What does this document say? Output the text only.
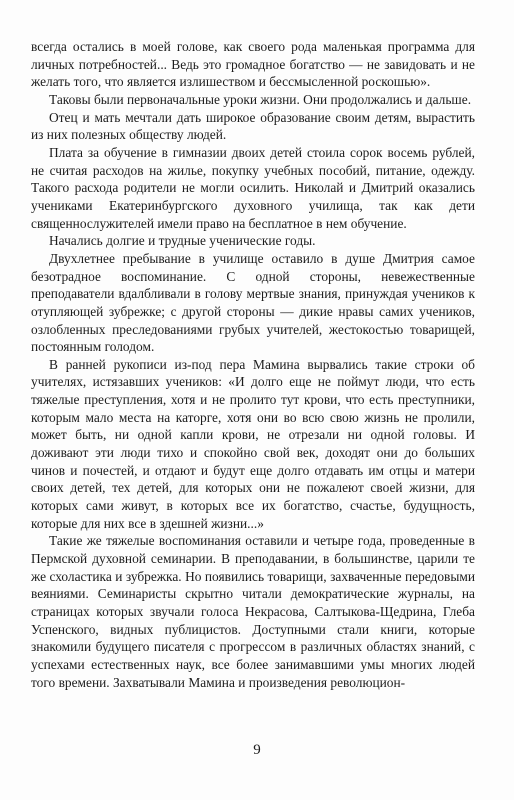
всегда остались в моей голове, как своего рода маленькая программа для личных потребностей... Ведь это громадное богатство — не завидовать и не желать того, что является излишеством и бессмысленной роскошью».

Таковы были первоначальные уроки жизни. Они продолжались и дальше.

Отец и мать мечтали дать широкое образование своим детям, вырастить из них полезных обществу людей.

Плата за обучение в гимназии двоих детей стоила сорок восемь рублей, не считая расходов на жилье, покупку учебных пособий, питание, одежду. Такого расхода родители не могли осилить. Николай и Дмитрий оказались учениками Екатеринбургского духовного училища, так как дети священнослужителей имели право на бесплатное в нем обучение.

Начались долгие и трудные ученические годы.

Двухлетнее пребывание в училище оставило в душе Дмитрия самое безотрадное воспоминание. С одной стороны, невежественные преподаватели вдалбливали в голову мертвые знания, принуждая учеников к отупляющей зубрежке; с другой стороны — дикие нравы самих учеников, озлобленных преследованиями грубых учителей, жестокостью товарищей, постоянным голодом.

В ранней рукописи из-под пера Мамина вырвались такие строки об учителях, истязавших учеников: «И долго еще не поймут люди, что есть тяжелые преступления, хотя и не пролито тут крови, что есть преступники, которым мало места на каторге, хотя они во всю свою жизнь не пролили, может быть, ни одной капли крови, не отрезали ни одной головы. И доживают эти люди тихо и спокойно свой век, доходят они до больших чинов и почестей, и отдают и будут еще долго отдавать им отцы и матери своих детей, тех детей, для которых они не пожалеют своей жизни, для которых сами живут, в которых все их богатство, счастье, будущность, которые для них все в здешней жизни...»

Такие же тяжелые воспоминания оставили и четыре года, проведенные в Пермской духовной семинарии. В преподавании, в большинстве, царили те же схоластика и зубрежка. Но появились товарищи, захваченные передовыми веяниями. Семинаристы скрытно читали демократические журналы, на страницах которых звучали голоса Некрасова, Салтыкова-Щедрина, Глеба Успенского, видных публицистов. Доступными стали книги, которые знакомили будущего писателя с прогрессом в различных областях знаний, с успехами естественных наук, все более занимавшими умы многих людей того времени. Захватывали Мамина и произведения революцион-

9
